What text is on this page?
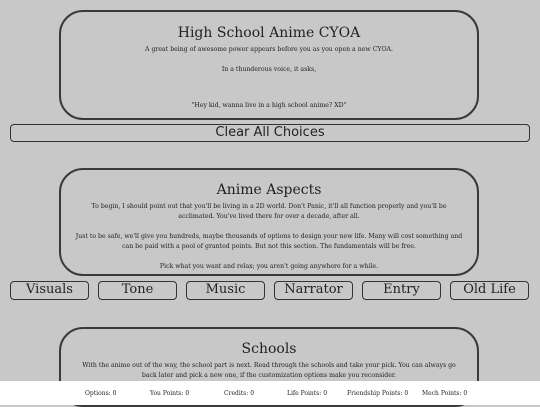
High School Anime CYOA

A great being of awesome power appears before you as you open a new CYOA.

In a thunderous voice, it asks,

"Hey kid, wanna live in a high school anime? XD"

Clear All Choices
Anime Aspects

To begin, I should point out that you'll be living in a 2D world. Don't Panic, it'll all function properly and you'll be acclimated. You've lived there for over a decade, after all.

Just to be safe, we'll give you hundreds, maybe thousands of options to design your new life. Many will cost something and can be paid with a pool of granted points. But not this section. The fundamentals will be free.

Pick what you want and relax; you aren't going anywhere for a while.

Visuals	Tone	Music	Narrator	Entry	Old Life
Schools

With the anime out of the way, the school part is next. Read through the schools and take your pick. You can always go back later and pick a new one, if the customization options make you reconsider.

Options: 0	You Points: 0	Credits: 0	Life Points: 0	Friendship Points: 0 Mech Points: 0
